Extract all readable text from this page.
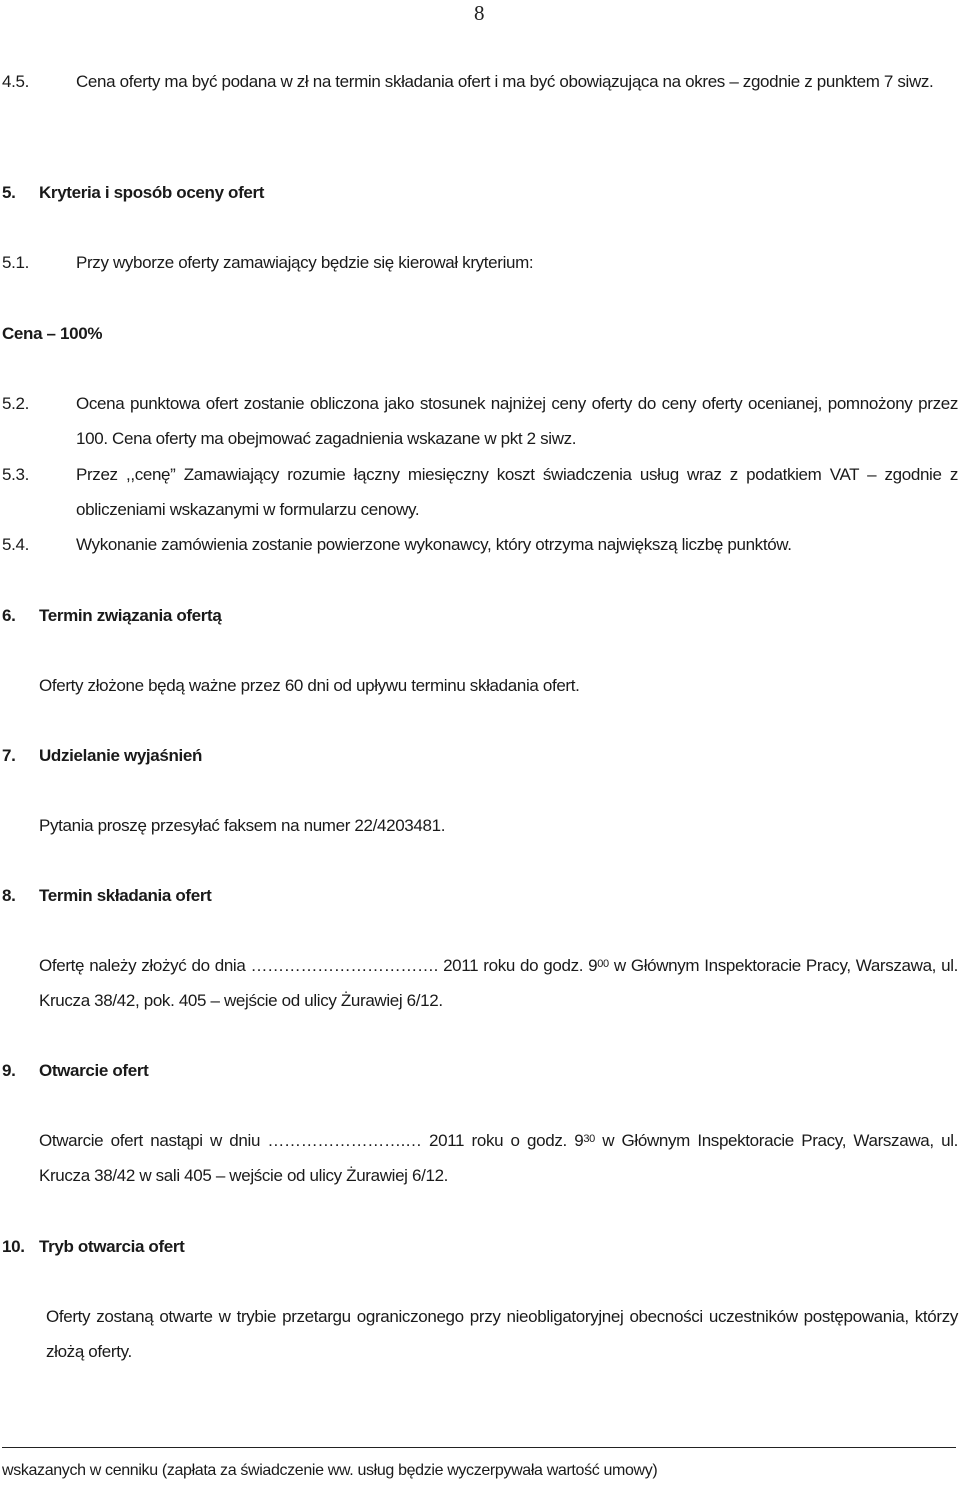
8
4.5.	Cena oferty ma być podana w zł na termin składania ofert i ma być obowiązująca na okres – zgodnie z punktem 7 siwz.
5. Kryteria i sposób oceny ofert
5.1.	Przy wyborze oferty zamawiający będzie się kierował kryterium:
Cena – 100%
5.2.	Ocena punktowa ofert zostanie obliczona jako stosunek najniżej ceny oferty do ceny oferty ocenianej, pomnożony przez 100. Cena oferty ma obejmować zagadnienia wskazane w pkt 2 siwz.
5.3.	Przez ,,cenę” Zamawiający rozumie łączny miesięczny koszt świadczenia usług wraz z podatkiem VAT – zgodnie z obliczeniami wskazanymi w formularzu cenowy.
5.4.	Wykonanie zamówienia zostanie powierzone wykonawcy, który otrzyma największą liczbę punktów.
6. Termin związania ofertą
Oferty złożone będą ważne przez 60 dni od upływu terminu składania ofert.
7. Udzielanie wyjaśnień
Pytania proszę przesyłać faksem na numer 22/4203481.
8. Termin składania ofert
Ofertę należy złożyć do dnia ……………………………. 2011 roku do godz. $9^{00}$ w Głównym Inspektoracie Pracy, Warszawa, ul. Krucza 38/42, pok. 405 – wejście od ulicy Żurawiej 6/12.
9. Otwarcie ofert
Otwarcie ofert nastąpi w dniu …………………….… 2011 roku o godz. $9^{30}$ w Głównym Inspektoracie Pracy, Warszawa, ul. Krucza 38/42 w sali 405 – wejście od ulicy Żurawiej 6/12.
10. Tryb otwarcia ofert
Oferty zostaną otwarte w trybie przetargu ograniczonego przy nieobligatoryjnej obecności uczestników postępowania, którzy złożą oferty.
wskazanych w cenniku (zapłata za świadczenie ww. usług będzie wyczerpywała wartość umowy)
